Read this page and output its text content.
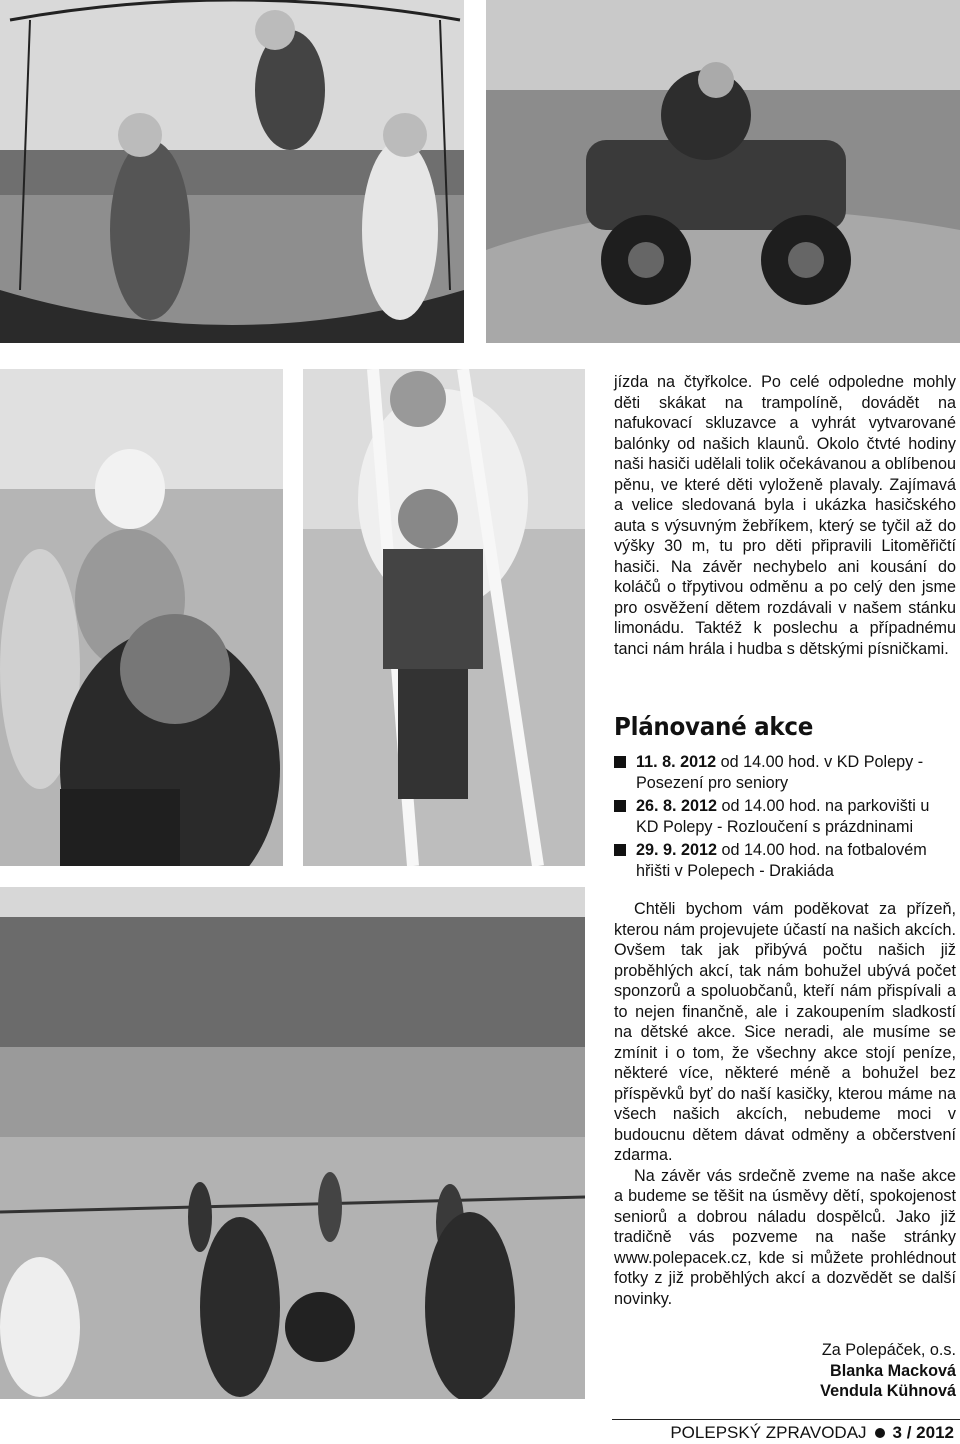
jízda na čtyřkolce. Po celé odpoledne mohly děti skákat na trampolíně, dovádět na nafukovací skluzavce a vyhrát vytvarované balónky od našich klaunů. Okolo čtvté hodiny naši hasiči udělali tolik očekávanou a oblíbenou pěnu, ve které děti vyloženě plavaly. Zajímavá a velice sledovaná byla i ukázka hasičského auta s výsuvným žebříkem, který se tyčil až do výšky 30 m, tu pro děti připravili Litoměřičtí hasiči. Na závěr nechybelo ani kousání do koláčů o třpytivou odměnu a po celý den jsme pro osvěžení dětem rozdávali v našem stánku limonádu. Taktéž k poslechu a případnému tanci nám hrála i hudba s dětskými písničkami.

Plánované akce
11. 8. 2012 od 14.00 hod. v KD Polepy - Posezení pro seniory
26. 8. 2012 od 14.00 hod. na parkovišti u KD Polepy - Rozloučení s prázdninami
29. 9. 2012 od 14.00 hod. na fotbalovém hřišti v Polepech - Drakiáda

Chtěli bychom vám poděkovat za přízeň, kterou nám projevujete účastí na našich akcích. Ovšem tak jak přibývá počtu našich již proběhlých akcí, tak nám bohužel ubývá počet sponzorů a spoluobčanů, kteří nám přispívali a to nejen finančně, ale i zakoupením sladkostí na dětské akce. Sice neradi, ale musíme se zmínit i o tom, že všechny akce stojí peníze, některé více, některé méně a bohužel bez příspěvků byť do naší kasičky, kterou máme na všech našich akcích, nebudeme moci v budoucnu dětem dávat odměny a občerstvení zdarma.

Na závěr vás srdečně zveme na naše akce a budeme se těšit na úsměvy dětí, spokojenost seniorů a dobrou náladu dospělců. Jako již tradičně vás pozveme na naše stránky www.polepacek.cz, kde si můžete prohlédnout fotky z již proběhlých akcí a dozvědět se další novinky.

Za Polepáček, o.s.
Blanka Macková
Vendula Kühnová
POLEPSKÝ ZPRAVODAJ 3 / 2012
